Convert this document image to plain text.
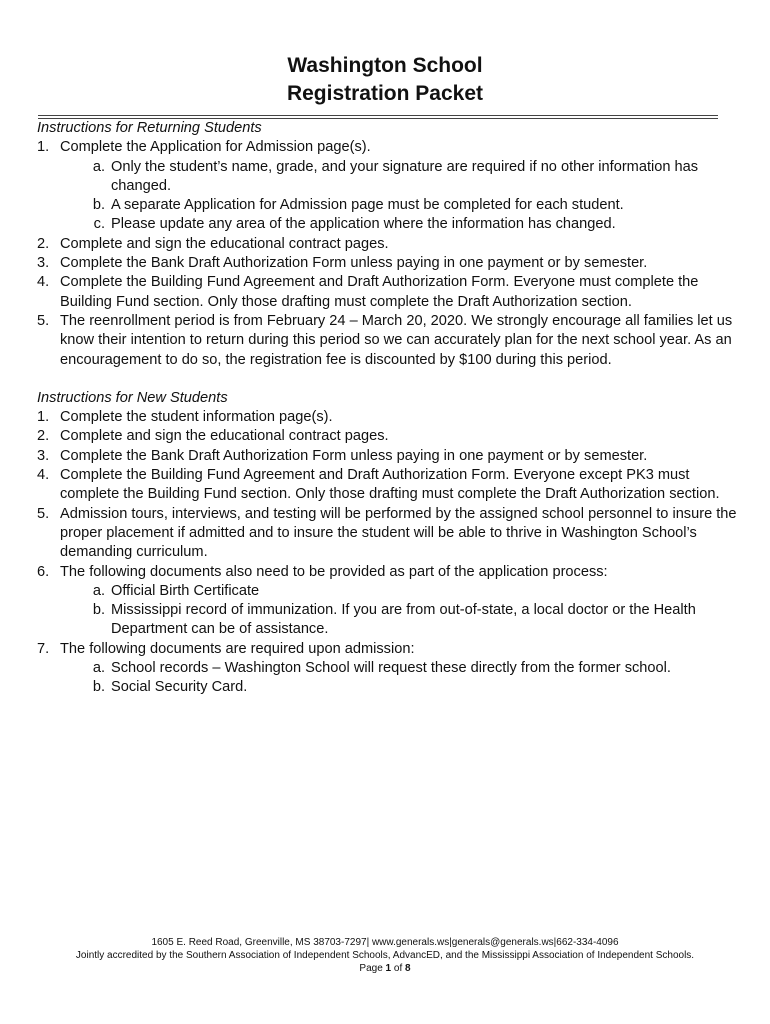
Washington School
Registration Packet
Instructions for Returning Students
1. Complete the Application for Admission page(s).
a. Only the student’s name, grade, and your signature are required if no other information has changed.
b. A separate Application for Admission page must be completed for each student.
c. Please update any area of the application where the information has changed.
2. Complete and sign the educational contract pages.
3. Complete the Bank Draft Authorization Form unless paying in one payment or by semester.
4. Complete the Building Fund Agreement and Draft Authorization Form. Everyone must complete the Building Fund section. Only those drafting must complete the Draft Authorization section.
5. The reenrollment period is from February 24 – March 20, 2020. We strongly encourage all families let us know their intention to return during this period so we can accurately plan for the next school year. As an encouragement to do so, the registration fee is discounted by $100 during this period.
Instructions for New Students
1. Complete the student information page(s).
2. Complete and sign the educational contract pages.
3. Complete the Bank Draft Authorization Form unless paying in one payment or by semester.
4. Complete the Building Fund Agreement and Draft Authorization Form. Everyone except PK3 must complete the Building Fund section. Only those drafting must complete the Draft Authorization section.
5. Admission tours, interviews, and testing will be performed by the assigned school personnel to insure the proper placement if admitted and to insure the student will be able to thrive in Washington School’s demanding curriculum.
6. The following documents also need to be provided as part of the application process:
a. Official Birth Certificate
b. Mississippi record of immunization. If you are from out-of-state, a local doctor or the Health Department can be of assistance.
7. The following documents are required upon admission:
a. School records – Washington School will request these directly from the former school.
b. Social Security Card.
1605 E. Reed Road, Greenville, MS 38703-7297| www.generals.ws|generals@generals.ws|662-334-4096
Jointly accredited by the Southern Association of Independent Schools, AdvancED, and the Mississippi Association of Independent Schools.
Page 1 of 8
